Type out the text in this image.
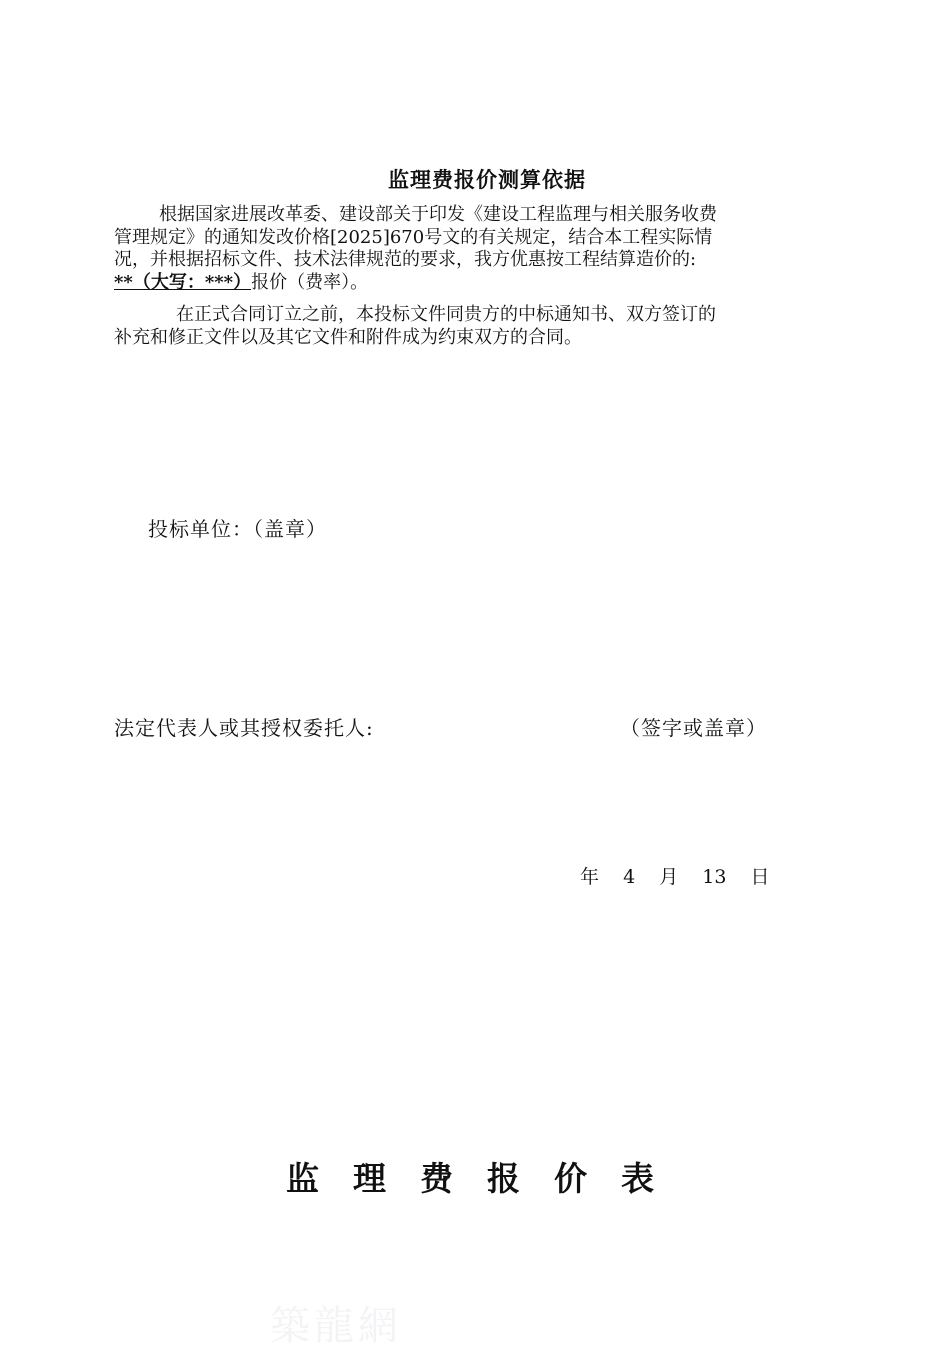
监理费报价测算依据
根据国家进展改革委、建设部关于印发《建设工程监理与相关服务收费
管理规定》的通知发改价格[2025]670号文的有关规定，结合本工程实际情
况，并根据招标文件、技术法律规范的要求，我方优惠按工程结算造价的:
**（大写：***）报价（费率）。
在正式合同订立之前，本投标文件同贵方的中标通知书、双方签订的
补充和修正文件以及其它文件和附件成为约束双方的合同。
投标单位：（盖章）
法定代表人或其授权委托人:	（签字或盖章）
年 4 月 13 日
监理费报价表
築龍網
